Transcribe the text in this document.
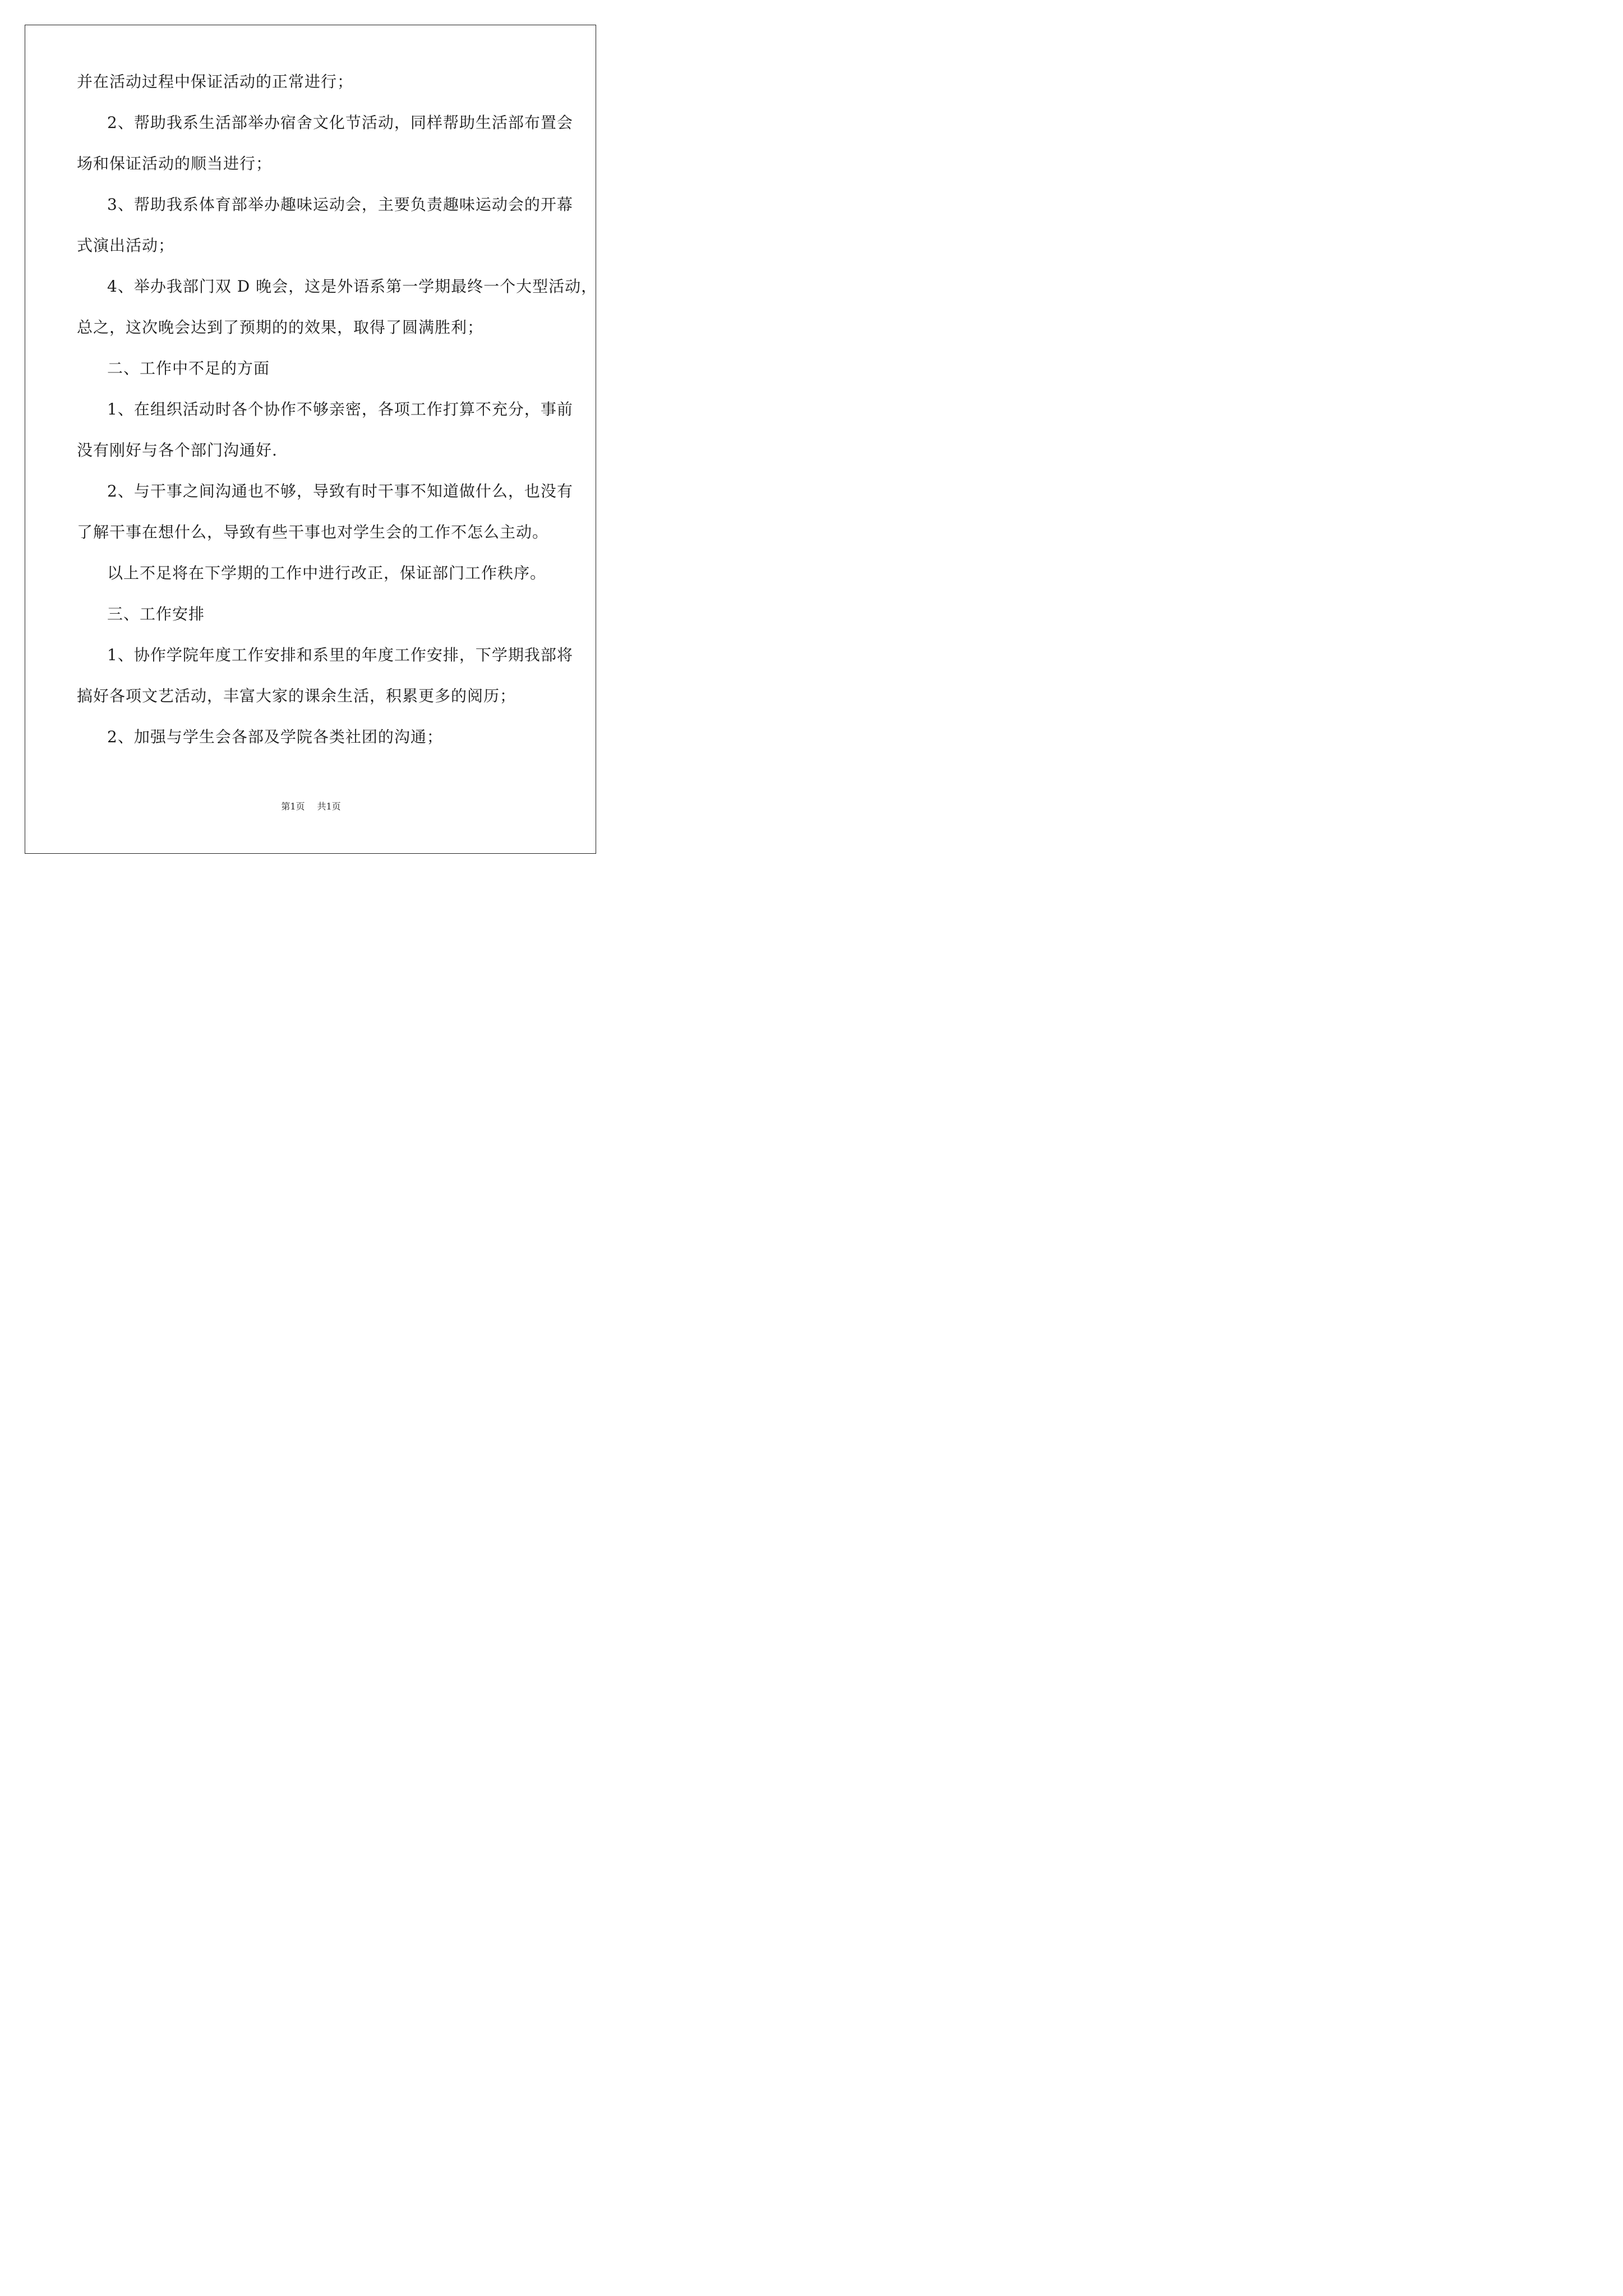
并在活动过程中保证活动的正常进行；
2、帮助我系生活部举办宿舍文化节活动，同样帮助生活部布置会
场和保证活动的顺当进行；
3、帮助我系体育部举办趣味运动会，主要负责趣味运动会的开幕
式演出活动；
4、举办我部门双 D 晚会，这是外语系第一学期最终一个大型活动，
总之，这次晚会达到了预期的的效果，取得了圆满胜利；
二、工作中不足的方面
1、在组织活动时各个协作不够亲密，各项工作打算不充分，事前
没有刚好与各个部门沟通好.
2、与干事之间沟通也不够，导致有时干事不知道做什么，也没有
了解干事在想什么，导致有些干事也对学生会的工作不怎么主动。
以上不足将在下学期的工作中进行改正，保证部门工作秩序。
三、工作安排
1、协作学院年度工作安排和系里的年度工作安排，下学期我部将
搞好各项文艺活动，丰富大家的课余生活，积累更多的阅历；
2、加强与学生会各部及学院各类社团的沟通；
第1页 共1页
